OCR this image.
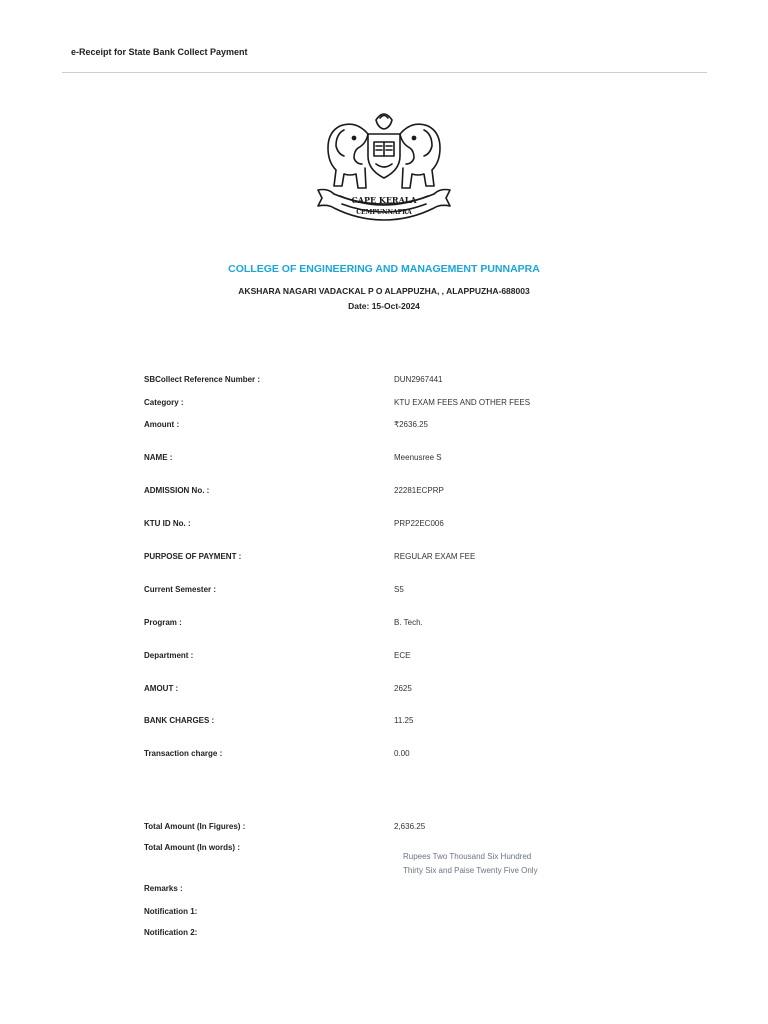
e-Receipt for State Bank Collect Payment
CAPE KERALA
CEMPUNNAPRA
COLLEGE OF ENGINEERING AND MANAGEMENT PUNNAPRA
AKSHARA NAGARI VADACKAL P O ALAPPUZHA, , ALAPPUZHA-688003
Date: 15-Oct-2024
SBCollect Reference Number :	DUN2967441
Category :	KTU EXAM FEES AND OTHER FEES
Amount :	₹2636.25
NAME :	Meenusree S
ADMISSION No. :	22281ECPRP
KTU ID No. :	PRP22EC006
PURPOSE OF PAYMENT :	REGULAR EXAM FEE
Current Semester :	S5
Program :	B. Tech.
Department :	ECE
AMOUT :	2625
BANK CHARGES :	11.25
Transaction charge :	0.00
Total Amount (In Figures) :	2,636.25
Total Amount (In words) :
Rupees Two Thousand Six Hundred
Thirty Six and Paise Twenty Five Only
Remarks :
Notification 1:
Notification 2:
